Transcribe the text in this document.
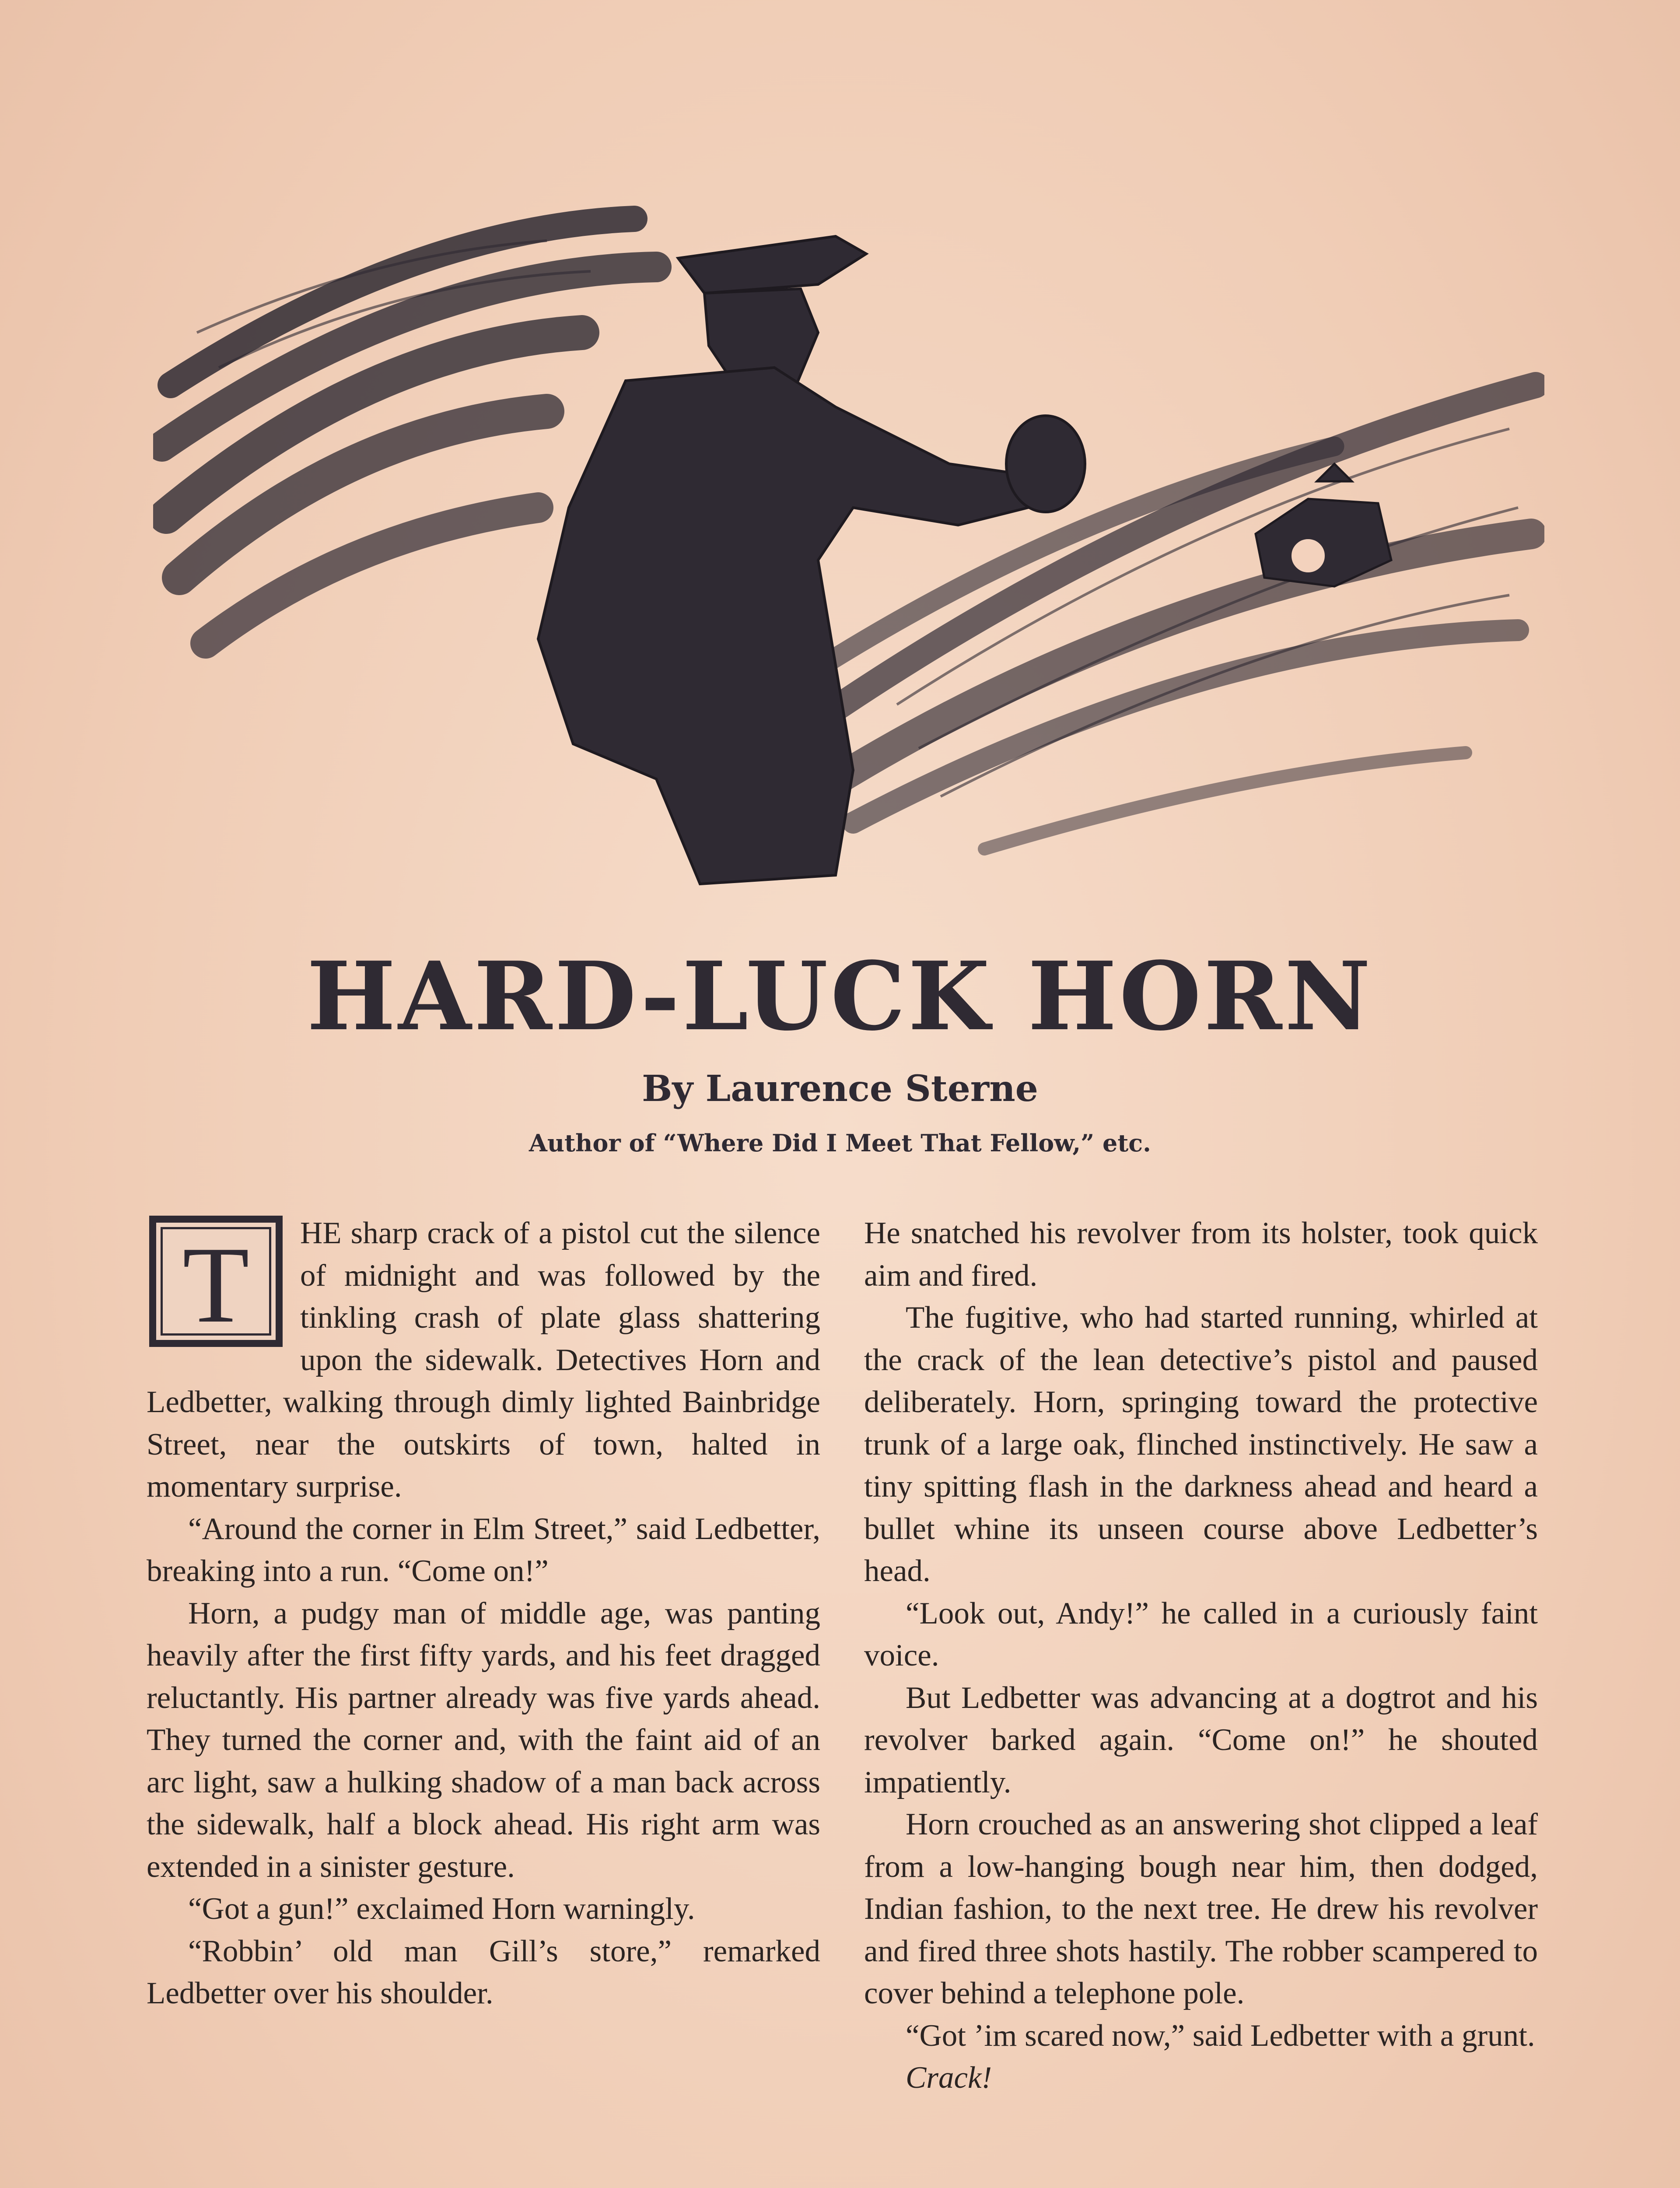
HARD-LUCK HORN
By Laurence Sterne
Author of “Where Did I Meet That Fellow,” etc.
T	HE sharp crack of a pistol cut the silence of midnight and was followed by the tinkling crash of plate glass shattering upon the sidewalk. Detectives Horn and Ledbetter, walking through dimly lighted Bainbridge Street, near the outskirts of town, halted in momentary surprise.

“Around the corner in Elm Street,” said Ledbetter, breaking into a run. “Come on!”

Horn, a pudgy man of middle age, was panting heavily after the first fifty yards, and his feet dragged reluctantly. His partner already was five yards ahead. They turned the corner and, with the faint aid of an arc light, saw a hulking shadow of a man back across the sidewalk, half a block ahead. His right arm was extended in a sinister gesture.

“Got a gun!” exclaimed Horn warningly.

“Robbin’ old man Gill’s store,” remarked Ledbetter over his shoulder.

He snatched his revolver from its holster, took quick aim and fired.

The fugitive, who had started running, whirled at the crack of the lean detective’s pistol and paused deliberately. Horn, springing toward the protective trunk of a large oak, flinched instinctively. He saw a tiny spitting flash in the darkness ahead and heard a bullet whine its unseen course above Ledbetter’s head.

“Look out, Andy!” he called in a curiously faint voice.

But Ledbetter was advancing at a dogtrot and his revolver barked again. “Come on!” he shouted impatiently.

Horn crouched as an answering shot clipped a leaf from a low-hanging bough near him, then dodged, Indian fashion, to the next tree. He drew his revolver and fired three shots hastily. The robber scampered to cover behind a telephone pole.

“Got ’im scared now,” said Ledbetter with a grunt.

Crack!
